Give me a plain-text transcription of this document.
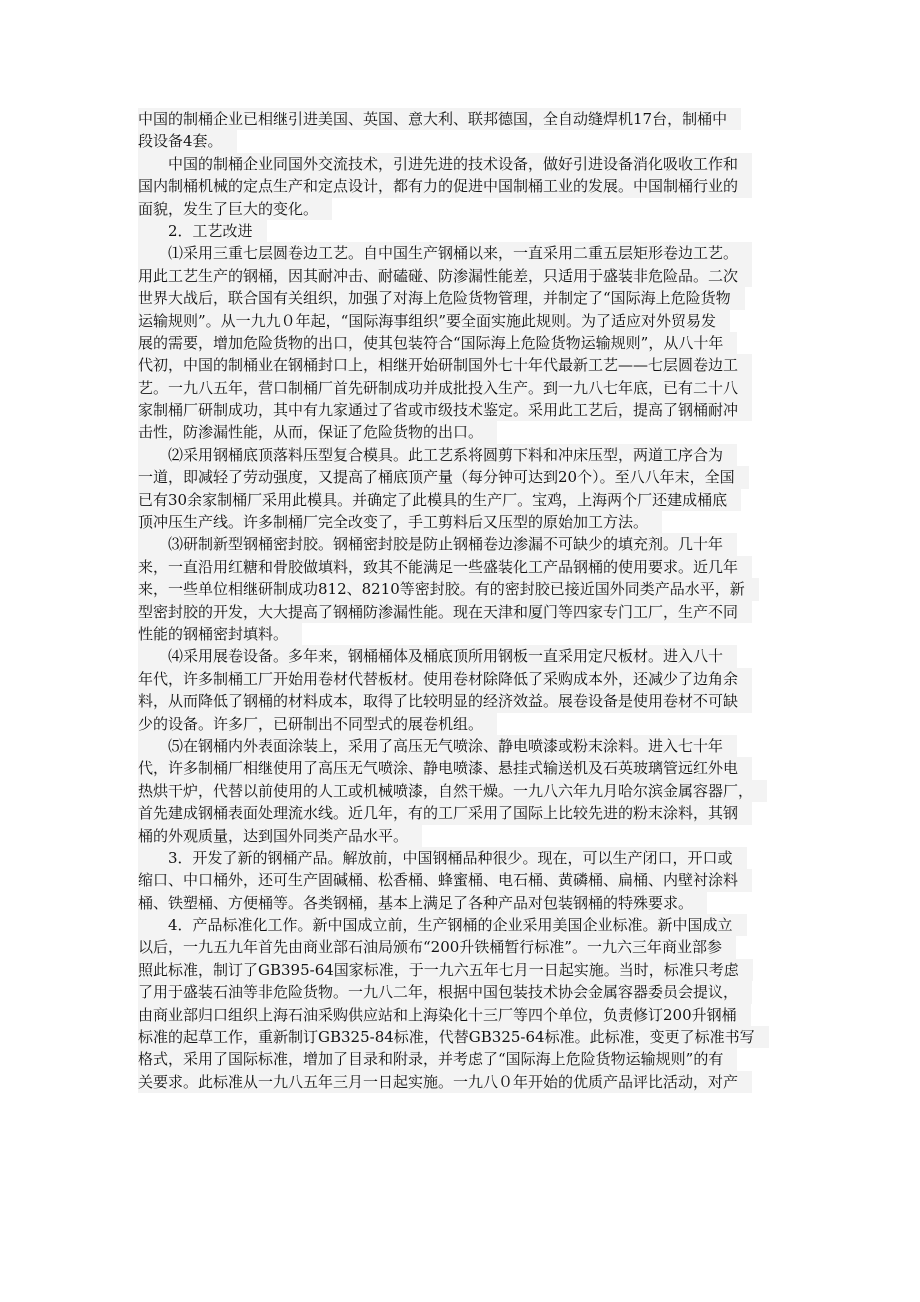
中国的制桶企业已相继引进美国、英国、意大利、联邦德国，全自动缝焊机17台，制桶中
段设备4套。
中国的制桶企业同国外交流技术，引进先进的技术设备，做好引进设备消化吸收工作和
国内制桶机械的定点生产和定点设计，都有力的促进中国制桶工业的发展。中国制桶行业的
面貌，发生了巨大的变化。
2．工艺改进
⑴采用三重七层圆卷边工艺。自中国生产钢桶以来，一直采用二重五层矩形卷边工艺。
用此工艺生产的钢桶，因其耐冲击、耐磕碰、防渗漏性能差，只适用于盛装非危险品。二次
世界大战后，联合国有关组织，加强了对海上危险货物管理，并制定了“国际海上危险货物
运输规则”。从一九九０年起，“国际海事组织”要全面实施此规则。为了适应对外贸易发
展的需要，增加危险货物的出口，使其包装符合“国际海上危险货物运输规则”，从八十年
代初，中国的制桶业在钢桶封口上，相继开始研制国外七十年代最新工艺——七层圆卷边工
艺。一九八五年，营口制桶厂首先研制成功并成批投入生产。到一九八七年底，已有二十八
家制桶厂研制成功，其中有九家通过了省或市级技术鉴定。采用此工艺后，提高了钢桶耐冲
击性，防渗漏性能，从而，保证了危险货物的出口。
⑵采用钢桶底顶落料压型复合模具。此工艺系将圆剪下料和冲床压型，两道工序合为
一道，即减轻了劳动强度，又提高了桶底顶产量（每分钟可达到20个）。至八八年末，全国
已有30余家制桶厂采用此模具。并确定了此模具的生产厂。宝鸡，上海两个厂还建成桶底
顶冲压生产线。许多制桶厂完全改变了，手工剪料后又压型的原始加工方法。
⑶研制新型钢桶密封胶。钢桶密封胶是防止钢桶卷边渗漏不可缺少的填充剂。几十年
来，一直沿用红糖和骨胶做填料，致其不能满足一些盛装化工产品钢桶的使用要求。近几年
来，一些单位相继研制成功812、8210等密封胶。有的密封胶已接近国外同类产品水平，新
型密封胶的开发，大大提高了钢桶防渗漏性能。现在天津和厦门等四家专门工厂，生产不同
性能的钢桶密封填料。
⑷采用展卷设备。多年来，钢桶桶体及桶底顶所用钢板一直采用定尺板材。进入八十
年代，许多制桶工厂开始用卷材代替板材。使用卷材除降低了采购成本外，还减少了边角余
料，从而降低了钢桶的材料成本，取得了比较明显的经济效益。展卷设备是使用卷材不可缺
少的设备。许多厂，已研制出不同型式的展卷机组。
⑸在钢桶内外表面涂装上，采用了高压无气喷涂、静电喷漆或粉末涂料。进入七十年
代，许多制桶厂相继使用了高压无气喷涂、静电喷漆、悬挂式输送机及石英玻璃管远红外电
热烘干炉，代替以前使用的人工或机械喷漆，自然干燥。一九八六年九月哈尔滨金属容器厂，
首先建成钢桶表面处理流水线。近几年，有的工厂采用了国际上比较先进的粉末涂料，其钢
桶的外观质量，达到国外同类产品水平。
3．开发了新的钢桶产品。解放前，中国钢桶品种很少。现在，可以生产闭口，开口或
缩口、中口桶外，还可生产固碱桶、松香桶、蜂蜜桶、电石桶、黄磷桶、扁桶、内壁衬涂料
桶、铁塑桶、方便桶等。各类钢桶，基本上满足了各种产品对包装钢桶的特殊要求。
4．产品标准化工作。新中国成立前，生产钢桶的企业采用美国企业标准。新中国成立
以后，一九五九年首先由商业部石油局颁布“200升铁桶暂行标准”。一九六三年商业部参
照此标准，制订了GB395-64国家标准，于一九六五年七月一日起实施。当时，标准只考虑
了用于盛装石油等非危险货物。一九八二年，根据中国包装技术协会金属容器委员会提议，
由商业部归口组织上海石油采购供应站和上海染化十三厂等四个单位，负责修订200升钢桶
标准的起草工作，重新制订GB325-84标准，代替GB325-64标准。此标准，变更了标准书写
格式，采用了国际标准，增加了目录和附录，并考虑了“国际海上危险货物运输规则”的有
关要求。此标准从一九八五年三月一日起实施。一九八０年开始的优质产品评比活动，对产
